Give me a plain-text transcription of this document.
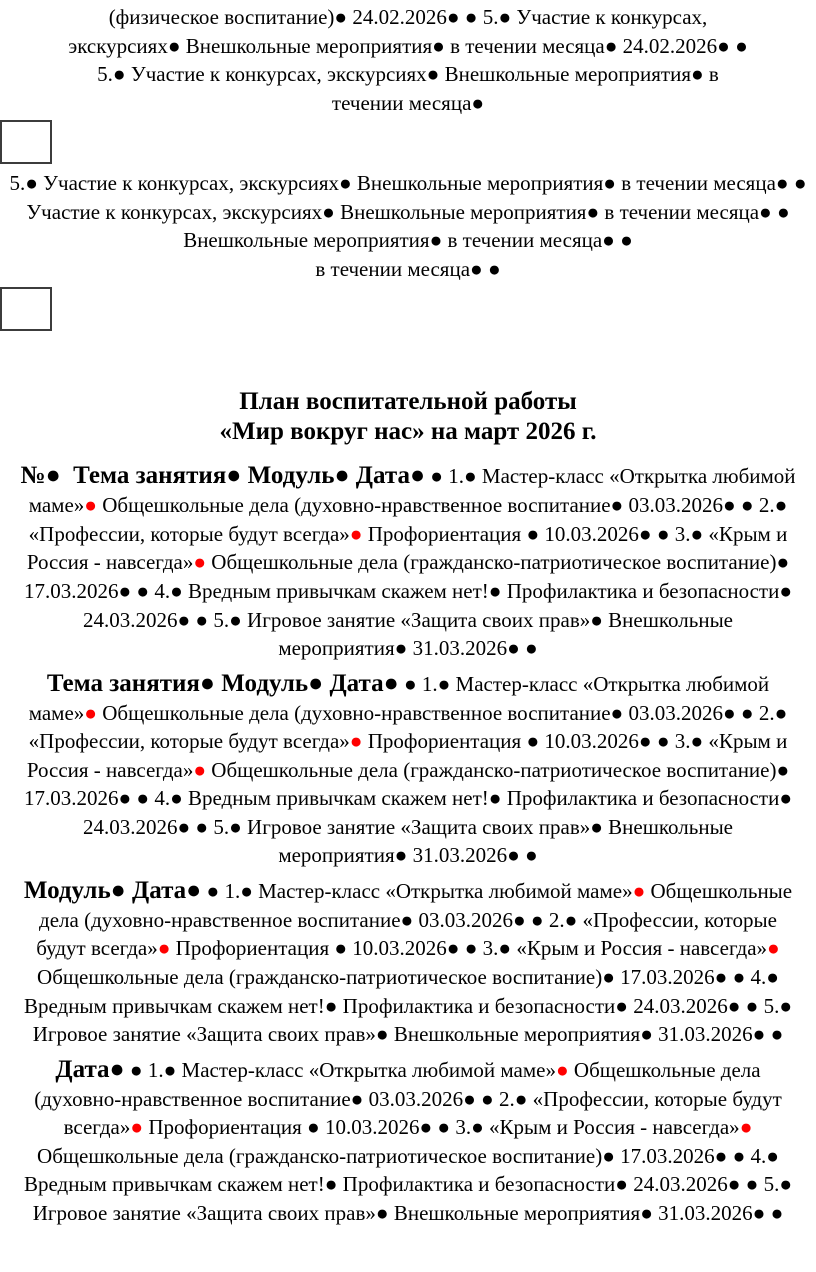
(физическое воспитание)● 24.02.2026● ● 5.● Участие к конкурсах, экскурсиях● Внешкольные мероприятия● в течении месяца● 24.02.2026● ● 5.● Участие к конкурсах, экскурсиях● Внешкольные мероприятия● в течении месяца●

5.● Участие к конкурсах, экскурсиях● Внешкольные мероприятия● в течении месяца● ●

Участие к конкурсах, экскурсиях● Внешкольные мероприятия● в течении месяца● ●

Внешкольные мероприятия● в течении месяца● ●

в течении месяца● ●

План воспитательной работы
«Мир вокруг нас» на март 2026 г.

№●  Тема занятия● Модуль● Дата● ● 1.● Мастер-класс «Открытка любимой маме»● Общешкольные дела (духовно-нравственное воспитание● 03.03.2026● ● 2.● «Профессии, которые будут всегда»● Профориентация ● 10.03.2026● ● 3.● «Крым и Россия - навсегда»● Общешкольные дела (гражданско-патриотическое воспитание)● 17.03.2026● ● 4.● Вредным привычкам скажем нет!● Профилактика и безопасности● 24.03.2026● ● 5.● Игровое занятие «Защита своих прав»● Внешкольные мероприятия● 31.03.2026● ●

Тема занятия● Модуль● Дата● ● 1.● Мастер-класс «Открытка любимой маме»● Общешкольные дела (духовно-нравственное воспитание● 03.03.2026● ● 2.● «Профессии, которые будут всегда»● Профориентация ● 10.03.2026● ● 3.● «Крым и Россия - навсегда»● Общешкольные дела (гражданско-патриотическое воспитание)● 17.03.2026● ● 4.● Вредным привычкам скажем нет!● Профилактика и безопасности● 24.03.2026● ● 5.● Игровое занятие «Защита своих прав»● Внешкольные мероприятия● 31.03.2026● ●

Модуль● Дата● ● 1.● Мастер-класс «Открытка любимой маме»● Общешкольные дела (духовно-нравственное воспитание● 03.03.2026● ● 2.● «Профессии, которые будут всегда»● Профориентация ● 10.03.2026● ● 3.● «Крым и Россия - навсегда»● Общешкольные дела (гражданско-патриотическое воспитание)● 17.03.2026● ● 4.● Вредным привычкам скажем нет!● Профилактика и безопасности● 24.03.2026● ● 5.● Игровое занятие «Защита своих прав»● Внешкольные мероприятия● 31.03.2026● ●

Дата● ● 1.● Мастер-класс «Открытка любимой маме»● Общешкольные дела (духовно-нравственное воспитание● 03.03.2026● ● 2.● «Профессии, которые будут всегда»● Профориентация ● 10.03.2026● ● 3.● «Крым и Россия - навсегда»● Общешкольные дела (гражданско-патриотическое воспитание)● 17.03.2026● ● 4.● Вредным привычкам скажем нет!● Профилактика и безопасности● 24.03.2026● ● 5.● Игровое занятие «Защита своих прав»● Внешкольные мероприятия● 31.03.2026● ●
